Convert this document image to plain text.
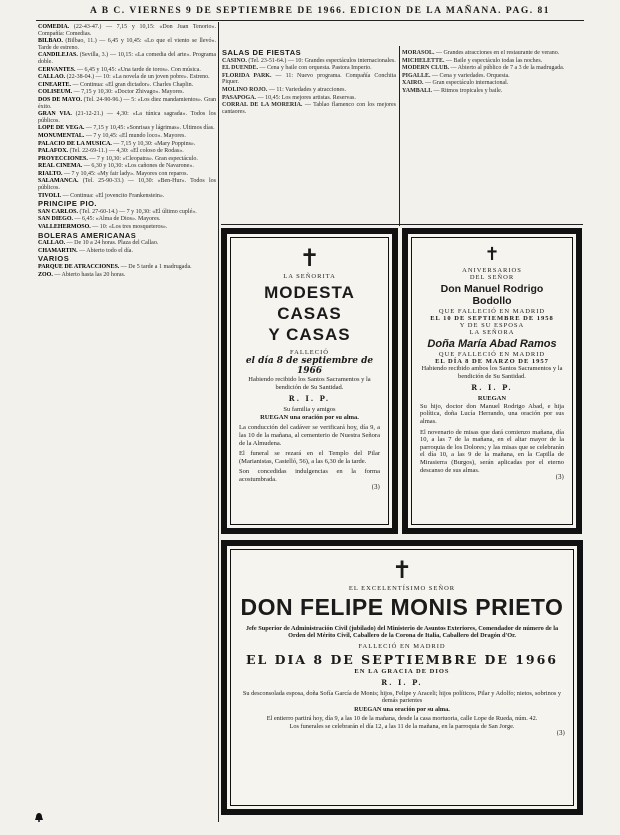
A B C. VIERNES 9 DE SEPTIEMBRE DE 1966. EDICION DE LA MAÑANA. PAG. 81

COMEDIA. (22-43-47.) — 7,15 y 10,15: «Don Juan Tenorio». Compañía: Comedias.

BILBAO. (Bilbao, 11.) — 6,45 y 10,45: «Lo que el viento se llevó». Tarde de estreno.

CANDILEJAS. (Sevilla, 3.) — 10,15: «La comedia del arte». Programa doble.

CERVANTES. — 6,45 y 10,45: «Una tarde de toros». Con música.

CALLAO. (22-38-04.) — 10: «La novela de un joven pobre». Estreno.

CINEARTE. — Continua: «El gran dictador». Charles Chaplin.

COLISEUM. — 7,15 y 10,30: «Doctor Zhivago». Mayores.

DOS DE MAYO. (Tel. 24-90-96.) — 5: «Los diez mandamientos». Gran éxito.

GRAN VIA. (21-12-21.) — 4,30: «La túnica sagrada». Todos los públicos.

LOPE DE VEGA. — 7,15 y 10,45: «Sonrisas y lágrimas». Ultimos días.

MONUMENTAL. — 7 y 10,45: «El mundo loco». Mayores.

PALACIO DE LA MUSICA. — 7,15 y 10,30: «Mary Poppins».

PALAFOX. (Tel. 22-69-11.) — 4,30: «El coloso de Rodas».

PROYECCIONES. — 7 y 10,30: «Cleopatra». Gran espectáculo.

REAL CINEMA. — 6,30 y 10,30: «Los cañones de Navarone».

RIALTO. — 7 y 10,45: «My fair lady». Mayores con reparos.

SALAMANCA. (Tel. 25-90-33.) — 10,30: «Ben-Hur». Todos los públicos.

TIVOLI. — Continua: «El jovencito Frankenstein».

PRINCIPE PIO.

SAN CARLOS. (Tel. 27-60-14.) — 7 y 10,30: «El último cuplé».

SAN DIEGO. — 6,45: «Alma de Dios». Mayores.

VALLEHERMOSO. — 10: «Los tres mosqueteros».

BOLERAS AMERICANAS

CALLAO. — De 10 a 24 horas. Plaza del Callao.

CHAMARTIN. — Abierto todo el día.

VARIOS

PARQUE DE ATRACCIONES. — De 5 tarde a 1 madrugada.

ZOO. — Abierto hasta las 20 horas.

SALAS DE FIESTAS

CASINO. (Tel. 23-51-64.) — 10: Grandes espectáculos internacionales.

EL DUENDE. — Cena y baile con orquesta. Pastora Imperio.

FLORIDA PARK. — 11: Nuevo programa. Compañía Conchita Piquer.

MOLINO ROJO. — 11: Variedades y atracciones.

PASAPOGA. — 10,45: Los mejores artistas. Reservas.

CORRAL DE LA MORERIA. — Tablao flamenco con los mejores cantaores.

MORASOL. — Grandes atracciones en el restaurante de verano.

MICHELETTE. — Baile y espectáculo todas las noches.

MODERN CLUB. — Abierto al público de 7 a 3 de la madrugada.

PIGALLE. — Cena y variedades. Orquesta.

XAIRO. — Gran espectáculo internacional.

YAMBALI. — Ritmos tropicales y baile.

✝
LA SEÑORITA
MODESTA CASAS
Y CASAS
FALLECIÓ
el día 8 de septiembre de 1966
Habiendo recibido los Santos Sacramentos y la bendición de Su Santidad.
R. I. P.
Su familia y amigos
RUEGAN una oración por su alma.
La conducción del cadáver se verificará hoy, día 9, a las 10 de la mañana, al cementerio de Nuestra Señora de la Almudena.
El funeral se rezará en el Templo del Pilar (Marianistas, Castelló, 56), a las 6,30 de la tarde.
Son concedidas indulgencias en la forma acostumbrada.
(3)
✝
ANIVERSARIOS
DEL SEÑOR
Don Manuel Rodrigo Bodollo
QUE FALLECIÓ EN MADRID
EL 10 DE SEPTIEMBRE DE 1958
Y DE SU ESPOSA
LA SEÑORA
Doña María Abad Ramos
QUE FALLECIÓ EN MADRID
EL DÍA 8 DE MARZO DE 1957
Habiendo recibido ambos los Santos Sacramentos y la bendición de Su Santidad.
R. I. P.
RUEGAN
Su hijo, doctor don Manuel Rodrigo Abad, e hija política, doña Lucía Herrando, una oración por sus almas.
El novenario de misas que dará comienzo mañana, día 10, a las 7 de la mañana, en el altar mayor de la parroquia de los Dolores; y las misas que se celebrarán el día 10, a las 9 de la mañana, en la Capilla de Mirasierra (Burgos), serán aplicadas por el eterno descanso de sus almas.
(3)
✝
EL EXCELENTÍSIMO SEÑOR
DON FELIPE MONIS PRIETO
Jefe Superior de Administración Civil (jubilado) del Ministerio de Asuntos Exteriores, Comendador de número de la Orden del Mérito Civil, Caballero de la Corona de Italia, Caballero del Dragón d'Or.
FALLECIÓ EN MADRID
EL DIA 8 DE SEPTIEMBRE DE 1966
EN LA GRACIA DE DIOS
R. I. P.
Su desconsolada esposa, doña Sofía García de Monis; hijos, Felipe y Araceli; hijos políticos, Pilar y Adolfo; nietos, sobrinos y demás parientes
RUEGAN una oración por su alma.
El entierro partirá hoy, día 9, a las 10 de la mañana, desde la casa mortuoria, calle Lope de Rueda, núm. 42.
Los funerales se celebrarán el día 12, a las 11 de la mañana, en la parroquia de San Jorge.
(3)
